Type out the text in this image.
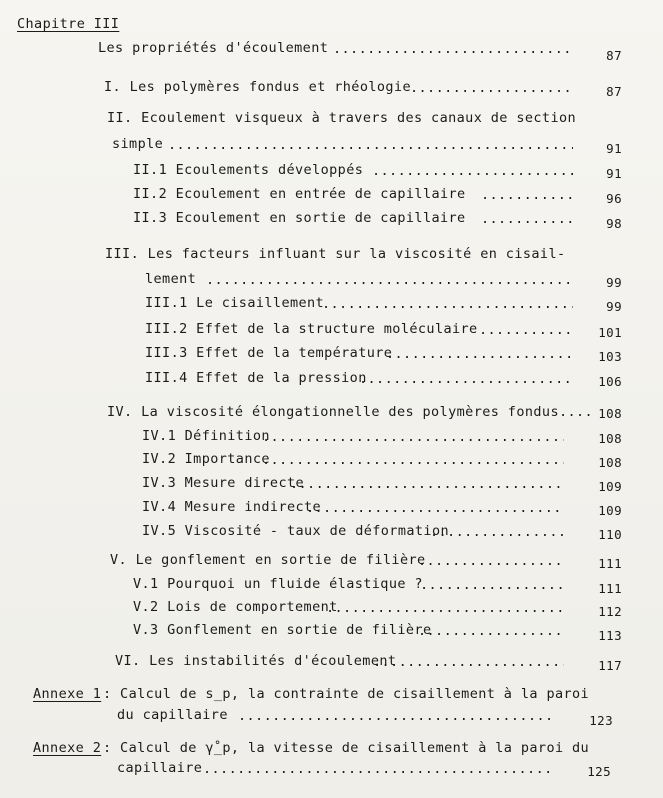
Chapitre III
Les propriétés d'écoulement .....	87
I. Les polymères fondus et rhéologie .....	87
II. Ecoulement visqueux à travers des canaux de section
simple .....	91
II.1 Ecoulements développés .....	91
II.2 Ecoulement en entrée de capillaire .....	96
II.3 Ecoulement en sortie de capillaire .....	98
III. Les facteurs influant sur la viscosité en cisail-
lement .....	99
III.1 Le cisaillement .....	99
III.2 Effet de la structure moléculaire .....	101
III.3 Effet de la température .....	103
III.4 Effet de la pression .....	106
IV. La viscosité élongationnelle des polymères fondus.... 108
IV.1 Définition .....	108
IV.2 Importance .....	108
IV.3 Mesure directe .....	109
IV.4 Mesure indirecte .....	109
IV.5 Viscosité - taux de déformation .....	110
V. Le gonflement en sortie de filière .....	111
V.1 Pourquoi un fluide élastique ? .....	111
V.2 Lois de comportement .....	112
V.3 Gonflement en sortie de filière .....	113
VI. Les instabilités d'écoulement .....	117
Annexe 1 : Calcul de s_p, la contrainte de cisaillement à la paroi
du capillaire .....	123
Annexe 2 : Calcul de γ̊_p, la vitesse de cisaillement à la paroi du
capillaire .....	125
